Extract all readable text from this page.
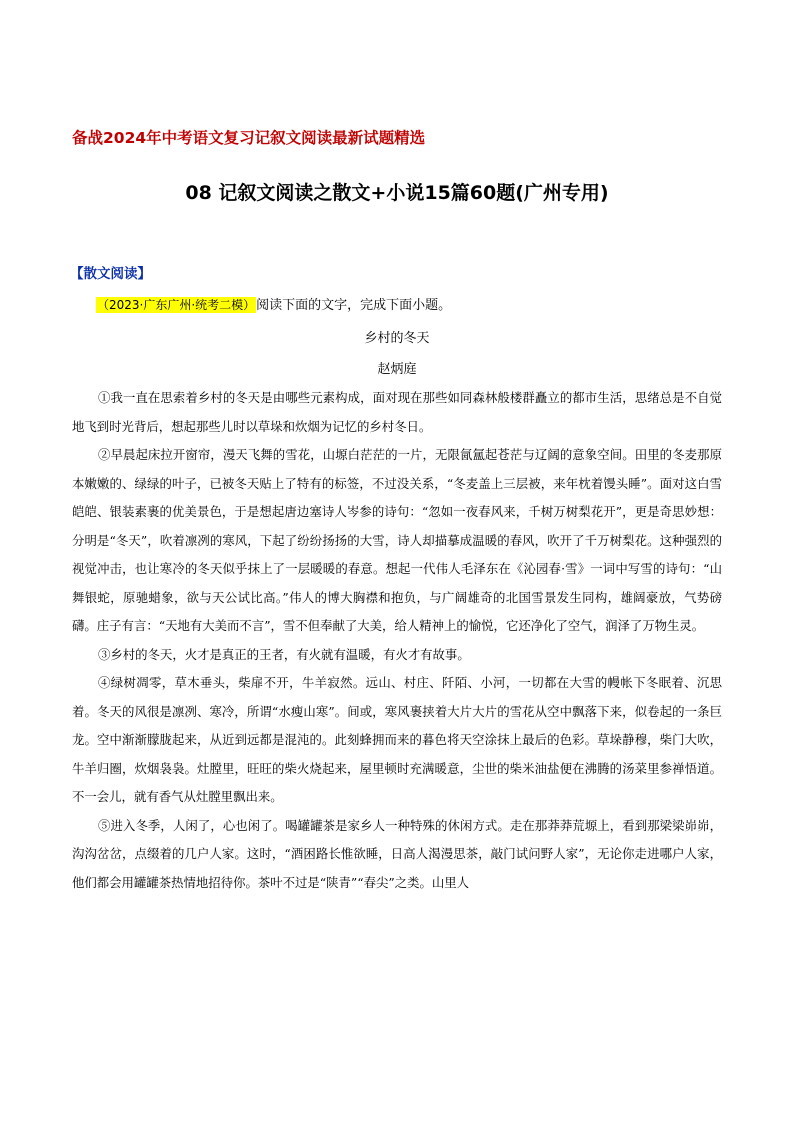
备战2024年中考语文复习记叙文阅读最新试题精选
08 记叙文阅读之散文+小说15篇60题(广州专用)
【散文阅读】
（2023·广东广州·统考二模）阅读下面的文字，完成下面小题。
乡村的冬天
赵炳庭

①我一直在思索着乡村的冬天是由哪些元素构成，面对现在那些如同森林般楼群矗立的都市生活，思绪总是不自觉地飞到时光背后，想起那些儿时以草垛和炊烟为记忆的乡村冬日。

②早晨起床拉开窗帘，漫天飞舞的雪花，山塬白茫茫的一片，无限氤氲起苍茫与辽阔的意象空间。田里的冬麦那原本嫩嫩的、绿绿的叶子，已被冬天贴上了特有的标签，不过没关系，“冬麦盖上三层被，来年枕着馒头睡”。面对这白雪皑皑、银装素裹的优美景色，于是想起唐边塞诗人岑参的诗句：“忽如一夜春风来，千树万树梨花开”，更是奇思妙想：分明是“冬天”，吹着凛冽的寒风，下起了纷纷扬扬的大雪，诗人却描摹成温暖的春风，吹开了千万树梨花。这种强烈的视觉冲击，也让寒冷的冬天似乎抹上了一层暖暖的春意。想起一代伟人毛泽东在《沁园春·雪》一词中写雪的诗句：“山舞银蛇，原驰蜡象，欲与天公试比高。”伟人的博大胸襟和抱负，与广阔雄奇的北国雪景发生同构，雄阔豪放，气势磅礴。庄子有言：“天地有大美而不言”，雪不但奉献了大美，给人精神上的愉悦，它还净化了空气，润泽了万物生灵。

③乡村的冬天，火才是真正的王者，有火就有温暖，有火才有故事。

④绿树凋零，草木垂头，柴扉不开，牛羊寂然。远山、村庄、阡陌、小河，一切都在大雪的幔帐下冬眠着、沉思着。冬天的风很是凛冽、寒冷，所谓“水瘦山寒”。间或，寒风裹挟着大片大片的雪花从空中飘落下来，似卷起的一条巨龙。空中渐渐朦胧起来，从近到远都是混沌的。此刻蜂拥而来的暮色将天空涂抹上最后的色彩。草垛静穆，柴门大吹，牛羊归圈，炊烟袅袅。灶膛里，旺旺的柴火烧起来，屋里顿时充满暖意，尘世的柴米油盐便在沸腾的汤菜里参禅悟道。不一会儿，就有香气从灶膛里飘出来。

⑤进入冬季，人闲了，心也闲了。喝罐罐茶是家乡人一种特殊的休闲方式。走在那莽莽荒塬上，看到那梁梁峁峁，沟沟岔岔，点缀着的几户人家。这时，“酒困路长惟欲睡，日高人渴漫思茶，敲门试问野人家”，无论你走进哪户人家，他们都会用罐罐茶热情地招待你。茶叶不过是“陕青”“春尖”之类。山里人
